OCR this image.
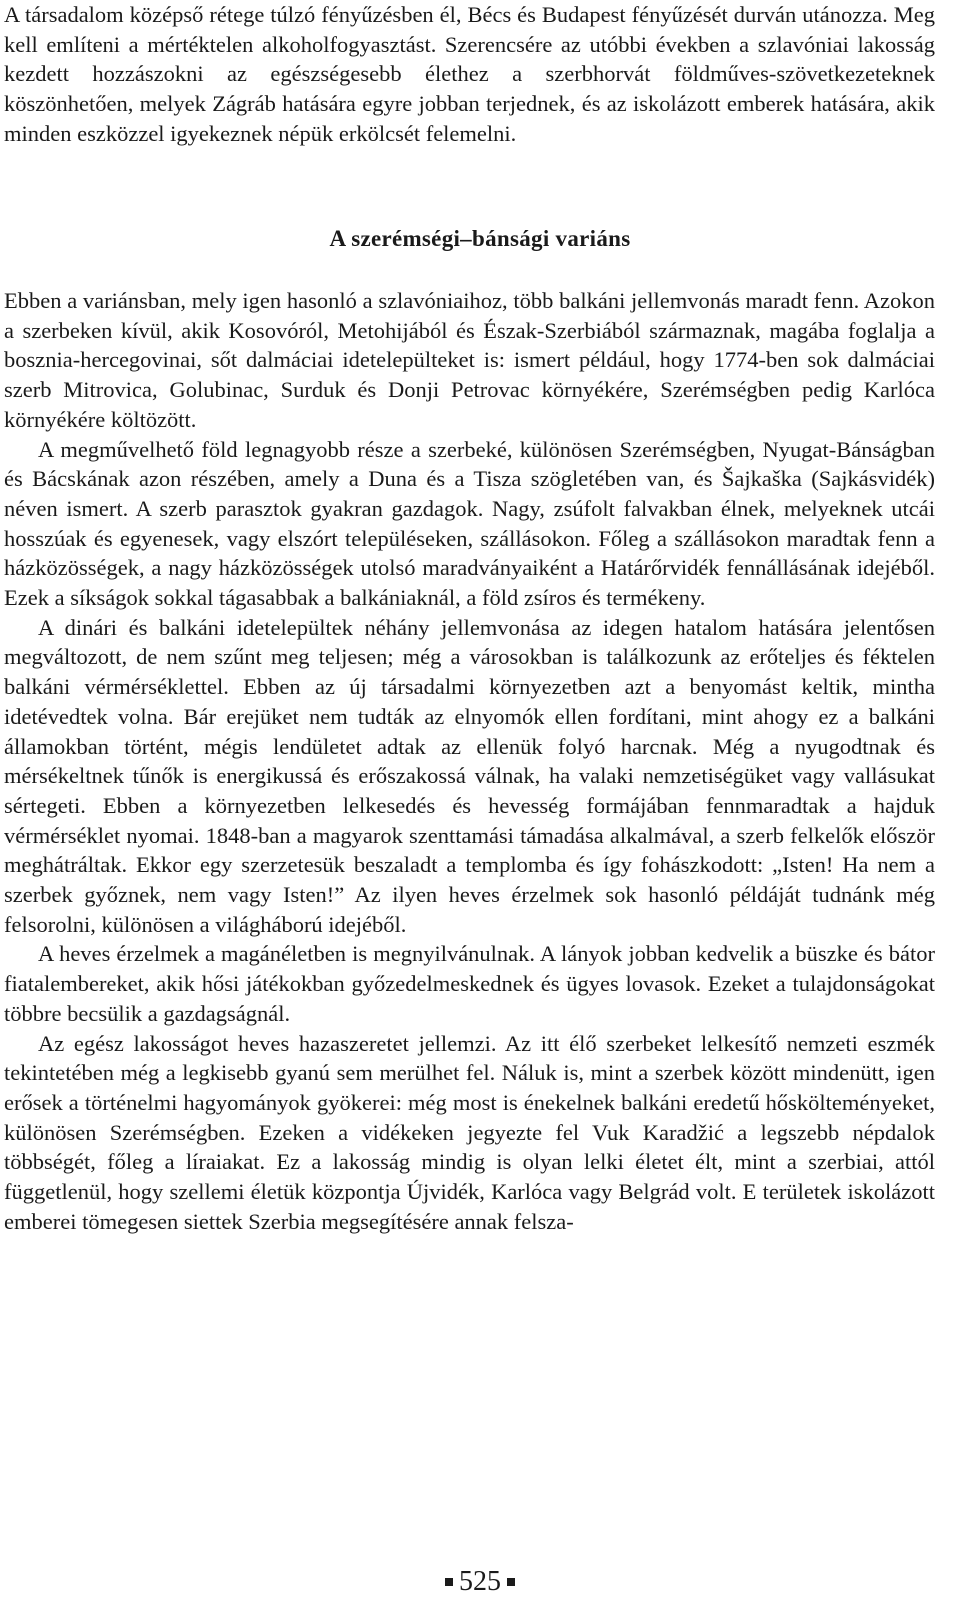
A társadalom középső rétege túlzó fényűzésben él, Bécs és Budapest fényűzését durván utánozza. Meg kell említeni a mértéktelen alkoholfogyasztást. Szerencsére az utóbbi években a szlavóniai lakosság kezdett hozzászokni az egészségesebb élethez a szerbhorvát földműves-szövetkezeteknek köszönhetően, melyek Zágráb hatására egyre jobban terjednek, és az iskolázott emberek hatására, akik minden eszközzel igyekeznek népük erkölcsét felemelni.

A szerémségi–bánsági variáns

Ebben a variánsban, mely igen hasonló a szlavóniaihoz, több balkáni jellemvonás maradt fenn. Azokon a szerbeken kívül, akik Kosovóról, Metohijából és Észak-Szerbiából származnak, magába foglalja a bosznia-hercegovinai, sőt dalmáciai idetelepülteket is: ismert például, hogy 1774-ben sok dalmáciai szerb Mitrovica, Golubinac, Surduk és Donji Petrovac környékére, Szerémségben pedig Karlóca környékére költözött.

A megművelhető föld legnagyobb része a szerbeké, különösen Szerémségben, Nyugat-Bánságban és Bácskának azon részében, amely a Duna és a Tisza szögletében van, és Šajkaška (Sajkásvidék) néven ismert. A szerb parasztok gyakran gazdagok. Nagy, zsúfolt falvakban élnek, melyeknek utcái hosszúak és egyenesek, vagy elszórt településeken, szállásokon. Főleg a szállásokon maradtak fenn a házközösségek, a nagy házközösségek utolsó maradványaiként a Határőrvidék fennállásának idejéből. Ezek a síkságok sokkal tágasabbak a balkániaknál, a föld zsíros és termékeny.

A dinári és balkáni idetelepültek néhány jellemvonása az idegen hatalom hatására jelentősen megváltozott, de nem szűnt meg teljesen; még a városokban is találkozunk az erőteljes és féktelen balkáni vérmérséklettel. Ebben az új társadalmi környezetben azt a benyomást keltik, mintha idetévedtek volna. Bár erejüket nem tudták az elnyomók ellen fordítani, mint ahogy ez a balkáni államokban történt, mégis lendületet adtak az ellenük folyó harcnak. Még a nyugodtnak és mérsékeltnek tűnők is energikussá és erőszakossá válnak, ha valaki nemzetiségüket vagy vallásukat sértegeti. Ebben a környezetben lelkesedés és hevesség formájában fennmaradtak a hajduk vérmérséklet nyomai. 1848-ban a magyarok szenttamási támadása alkalmával, a szerb felkelők először meghátráltak. Ekkor egy szerzetesük beszaladt a templomba és így fohászkodott: „Isten! Ha nem a szerbek győznek, nem vagy Isten!” Az ilyen heves érzelmek sok hasonló példáját tudnánk még felsorolni, különösen a világháború idejéből.

A heves érzelmek a magánéletben is megnyilvánulnak. A lányok jobban kedvelik a büszke és bátor fiatalembereket, akik hősi játékokban győzedelmeskednek és ügyes lovasok. Ezeket a tulajdonságokat többre becsülik a gazdagságnál.

Az egész lakosságot heves hazaszeretet jellemzi. Az itt élő szerbeket lelkesítő nemzeti eszmék tekintetében még a legkisebb gyanú sem merülhet fel. Náluk is, mint a szerbek között mindenütt, igen erősek a történelmi hagyományok gyökerei: még most is énekelnek balkáni eredetű hőskölteményeket, különösen Szerémségben. Ezeken a vidékeken jegyezte fel Vuk Karadžić a legszebb népdalok többségét, főleg a líraiakat. Ez a lakosság mindig is olyan lelki életet élt, mint a szerbiai, attól függetlenül, hogy szellemi életük központja Újvidék, Karlóca vagy Belgrád volt. E területek iskolázott emberei tömegesen siettek Szerbia megsegítésére annak felsza-

525
